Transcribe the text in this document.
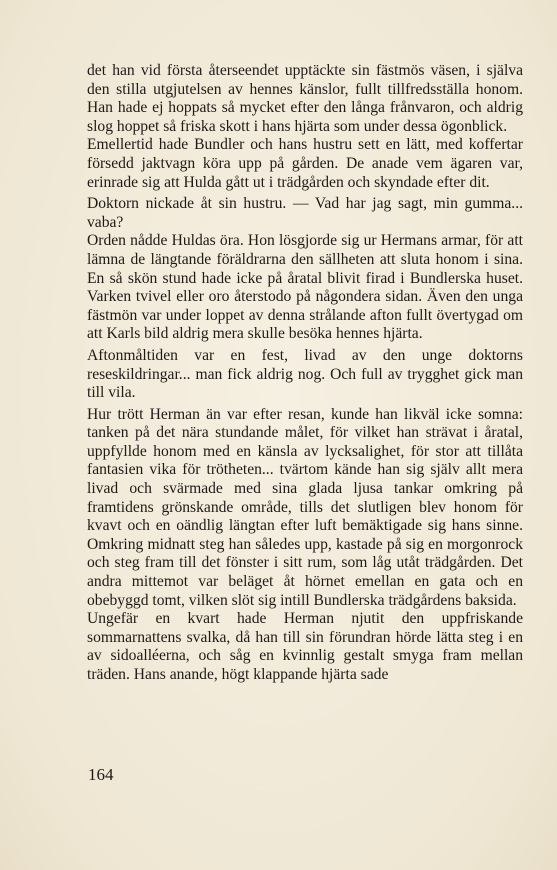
det han vid första återseendet upptäckte sin fästmös väsen, i själva den stilla utgjutelsen av hennes känslor, fullt tillfredsställa honom. Han hade ej hoppats så mycket efter den långa frånvaron, och aldrig slog hoppet så friska skott i hans hjärta som under dessa ögonblick.

Emellertid hade Bundler och hans hustru sett en lätt, med koffertar försedd jaktvagn köra upp på gården. De anade vem ägaren var, erinrade sig att Hulda gått ut i trädgården och skyndade efter dit.

Doktorn nickade åt sin hustru. — Vad har jag sagt, min gumma... vaba?

Orden nådde Huldas öra. Hon lösgjorde sig ur Hermans armar, för att lämna de längtande föräldrarna den sällheten att sluta honom i sina. En så skön stund hade icke på åratal blivit firad i Bundlerska huset. Varken tvivel eller oro återstodo på någondera sidan. Även den unga fästmön var under loppet av denna strålande afton fullt övertygad om att Karls bild aldrig mera skulle besöka hennes hjärta.

Aftonmåltiden var en fest, livad av den unge doktorns reseskildringar... man fick aldrig nog. Och full av trygghet gick man till vila.

Hur trött Herman än var efter resan, kunde han likväl icke somna: tanken på det nära stundande målet, för vilket han strävat i åratal, uppfyllde honom med en känsla av lycksalighet, för stor att tillåta fantasien vika för trötheten... tvärtom kände han sig själv allt mera livad och svärmade med sina glada ljusa tankar omkring på framtidens grönskande område, tills det slutligen blev honom för kvavt och en oändlig längtan efter luft bemäktigade sig hans sinne. Omkring midnatt steg han således upp, kastade på sig en morgonrock och steg fram till det fönster i sitt rum, som låg utåt trädgården. Det andra mittemot var beläget åt hörnet emellan en gata och en obebyggd tomt, vilken slöt sig intill Bundlerska trädgårdens baksida.

Ungefär en kvart hade Herman njutit den uppfriskande sommarnattens svalka, då han till sin förundran hörde lätta steg i en av sidoalléerna, och såg en kvinnlig gestalt smyga fram mellan träden. Hans anande, högt klappande hjärta sade

164
